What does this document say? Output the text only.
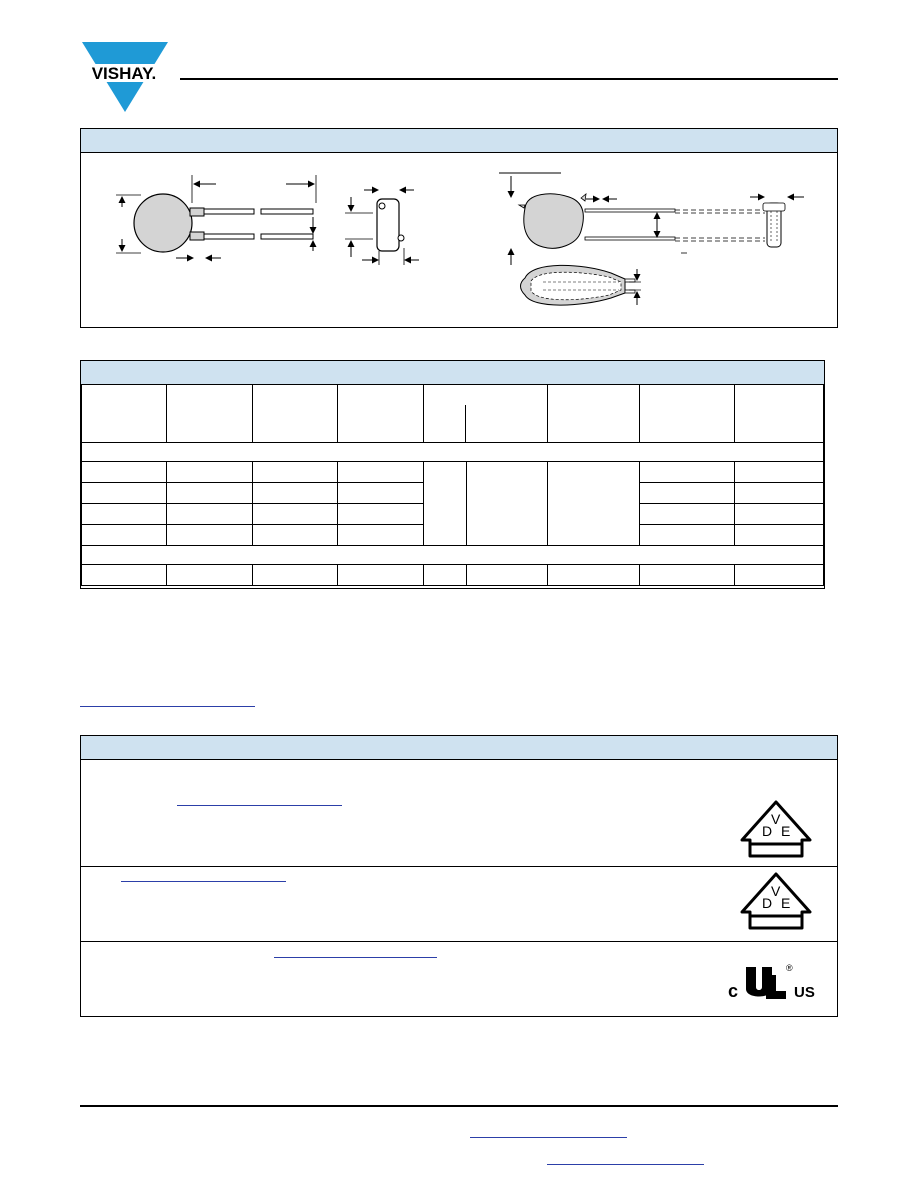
VISHAY.

D
V
E
D
V
E
c
®
US
